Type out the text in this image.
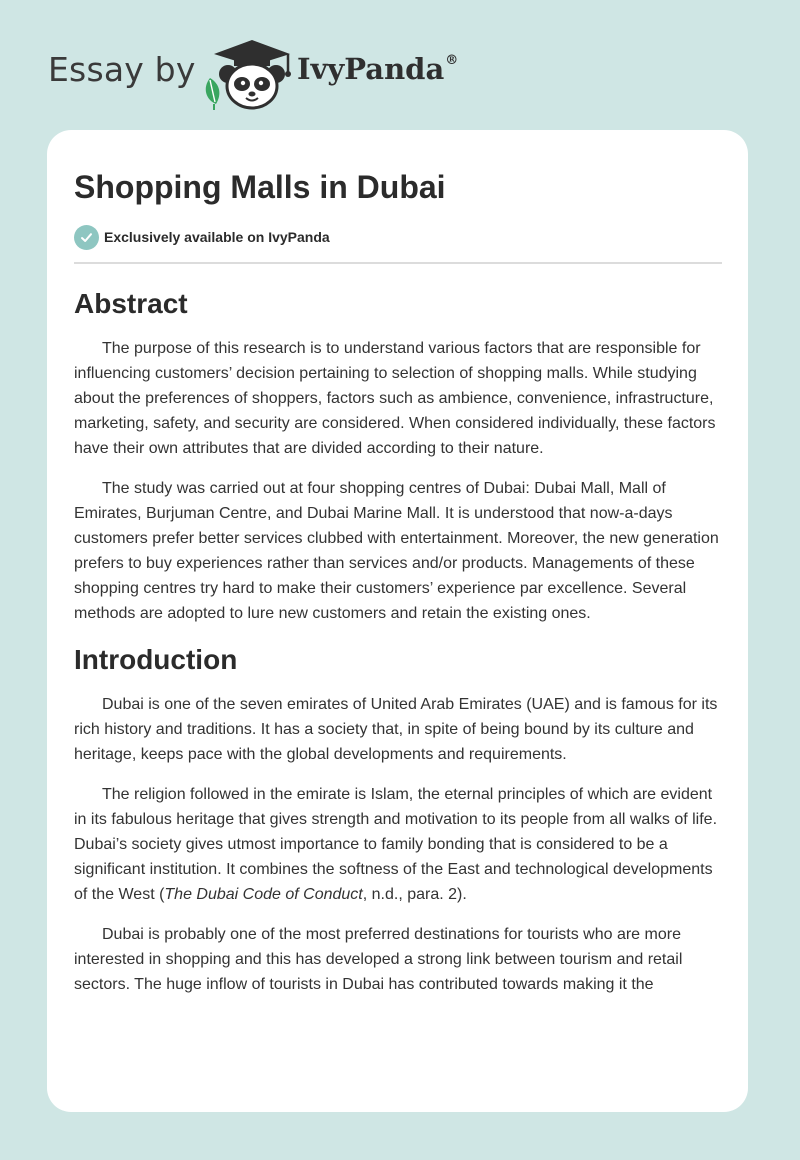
Essay by	IvyPanda®
Shopping Malls in Dubai
Exclusively available on IvyPanda
Abstract

The purpose of this research is to understand various factors that are responsible for influencing customers’ decision pertaining to selection of shopping malls. While studying about the preferences of shoppers, factors such as ambience, convenience, infrastructure, marketing, safety, and security are considered. When considered individually, these factors have their own attributes that are divided according to their nature.

The study was carried out at four shopping centres of Dubai: Dubai Mall, Mall of Emirates, Burjuman Centre, and Dubai Marine Mall. It is understood that now-a-days customers prefer better services clubbed with entertainment. Moreover, the new generation prefers to buy experiences rather than services and/or products. Managements of these shopping centres try hard to make their customers’ experience par excellence. Several methods are adopted to lure new customers and retain the existing ones.

Introduction

Dubai is one of the seven emirates of United Arab Emirates (UAE) and is famous for its rich history and traditions. It has a society that, in spite of being bound by its culture and heritage, keeps pace with the global developments and requirements.

The religion followed in the emirate is Islam, the eternal principles of which are evident in its fabulous heritage that gives strength and motivation to its people from all walks of life. Dubai’s society gives utmost importance to family bonding that is considered to be a significant institution. It combines the softness of the East and technological developments of the West (The Dubai Code of Conduct, n.d., para. 2).

Dubai is probably one of the most preferred destinations for tourists who are more interested in shopping and this has developed a strong link between tourism and retail sectors. The huge inflow of tourists in Dubai has contributed towards making it the
